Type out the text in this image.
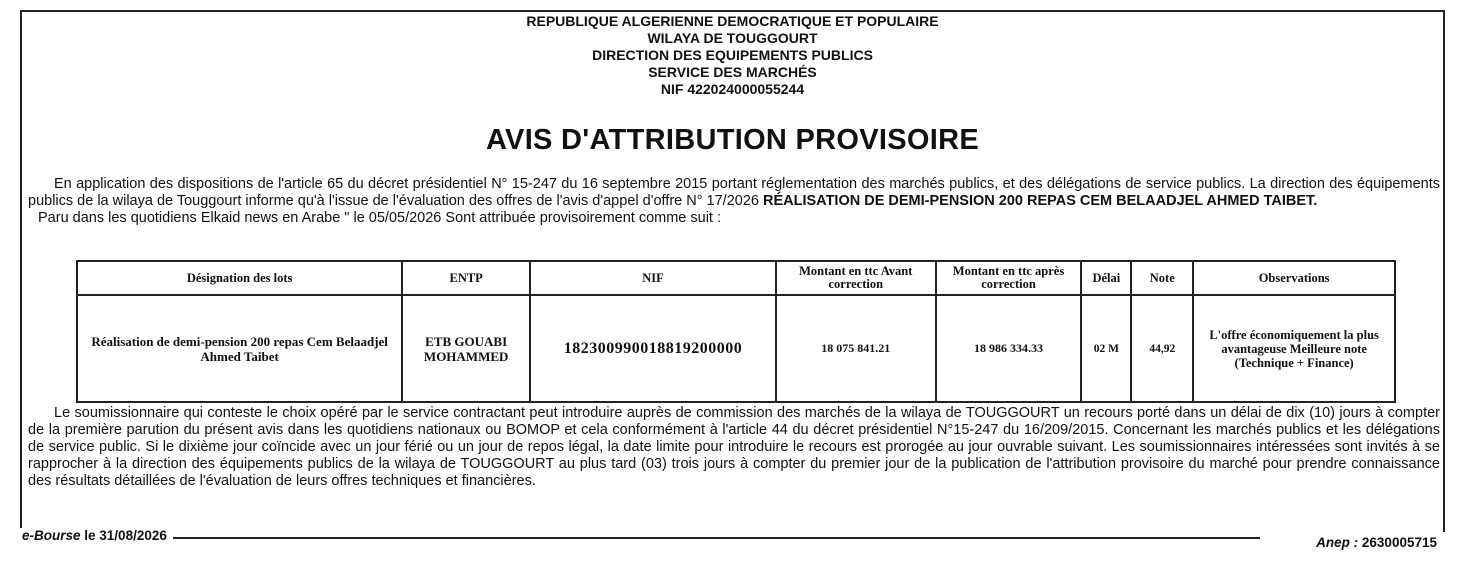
REPUBLIQUE ALGERIENNE DEMOCRATIQUE ET POPULAIRE
WILAYA DE TOUGGOURT
DIRECTION DES EQUIPEMENTS PUBLICS
SERVICE DES MARCHÉS
NIF 422024000055244
AVIS D'ATTRIBUTION PROVISOIRE

En application des dispositions de l'article 65 du décret présidentiel N° 15-247 du 16 septembre 2015 portant réglementation des marchés publics, et des délégations de service publics. La direction des équipements publics de la wilaya de Touggourt informe qu'à l'issue de l'évaluation des offres de l'avis d'appel d'offre N° 17/2026 RÉALISATION DE DEMI-PENSION 200 REPAS CEM BELAADJEL AHMED TAIBET.

Paru dans les quotidiens Elkaid news en Arabe " le 05/05/2026 Sont attribuée provisoirement comme suit :

Désignation des lots	ENTP	NIF	Montant en ttc Avant correction	Montant en ttc après correction	Délai	Note	Observations
Réalisation de demi-pension 200 repas Cem Belaadjel Ahmed Taibet	ETB GOUABI MOHAMMED	182300990018819200000	18 075 841.21	18 986 334.33	02 M	44,92	L'offre économiquement la plus avantageuse Meilleure note (Technique + Finance)
Le soumissionnaire qui conteste le choix opéré par le service contractant peut introduire auprès de commission des marchés de la wilaya de TOUGGOURT un recours porté dans un délai de dix (10) jours à compter de la première parution du présent avis dans les quotidiens nationaux ou BOMOP et cela conformément à l'article 44 du décret présidentiel N°15-247 du 16/209/2015. Concernant les marchés publics et les délégations de service public. Si le dixième jour coïncide avec un jour férié ou un jour de repos légal, la date limite pour introduire le recours est prorogée au jour ouvrable suivant. Les soumissionnaires intéressées sont invités à se rapprocher à la direction des équipements publics de la wilaya de TOUGGOURT au plus tard (03) trois jours à compter du premier jour de la publication de l'attribution provisoire du marché pour prendre connaissance des résultats détaillées de l'évaluation de leurs offres techniques et financières.
e-Bourse le 31/08/2026	Anep : 2630005715
